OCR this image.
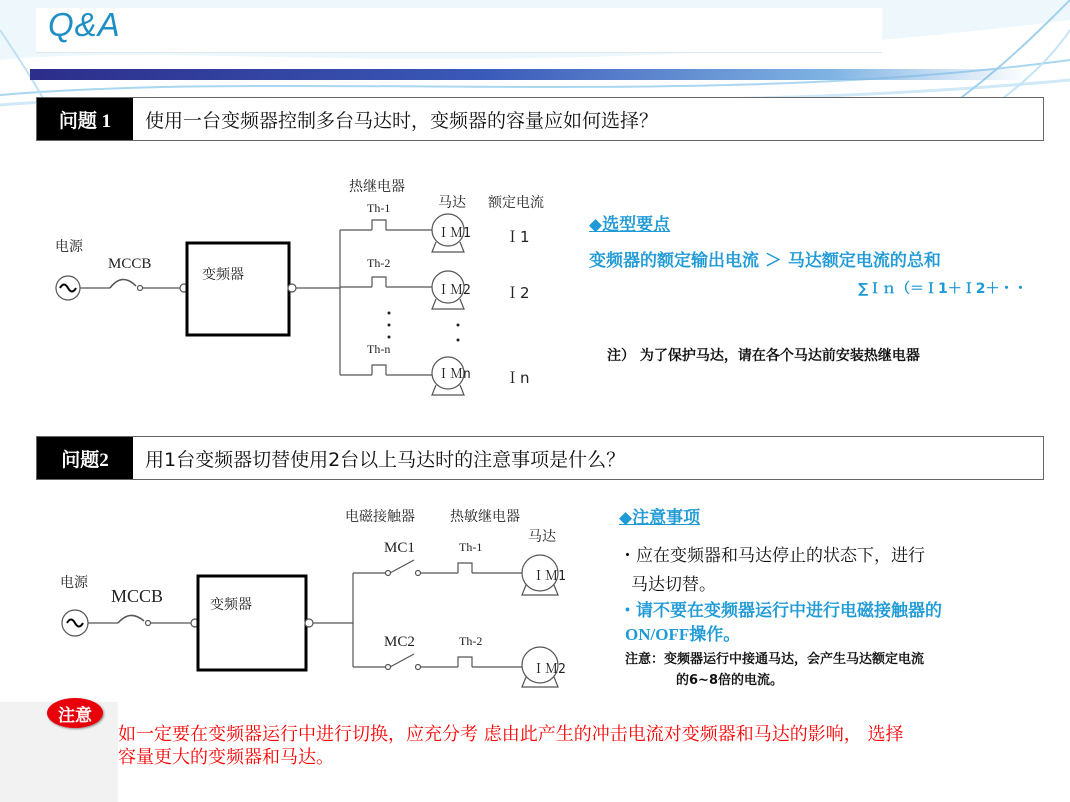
Q&A
问题 1	使用一台变频器控制多台马达时，变频器的容量应如何选择？
电源
MCCB
变频器
热继电器
马达 额定电流
Th-1
Th-2
Th-n
ＩＭ1
ＩＭ2
ＩＭn
Ｉ1
Ｉ2
Ｉn
◆选型要点
变频器的额定输出电流 ＞ 马达额定电流的总和
∑Ｉｎ（＝Ｉ1＋Ｉ2＋・・
注） 为了保护马达，请在各个马达前安装热继电器
问题2	用1台变频器切替使用2台以上马达时的注意事项是什么？
电源
MCCB	变频器
电磁接触器	热敏继电器
马达
MC1
MC2
Th-1
Th-2
ＩＭ1
ＩＭ2
◆注意事项
・应在变频器和马达停止的状态下，进行
马达切替。
・请不要在变频器运行中进行电磁接触器的
ON/OFF操作。
注意：变频器运行中接通马达，会产生马达额定电流
的6~8倍的电流。
注意
如一定要在变频器运行中进行切换，应充分考 虑由此产生的冲击电流对变频器和马达的影响， 选择
容量更大的变频器和马达。
